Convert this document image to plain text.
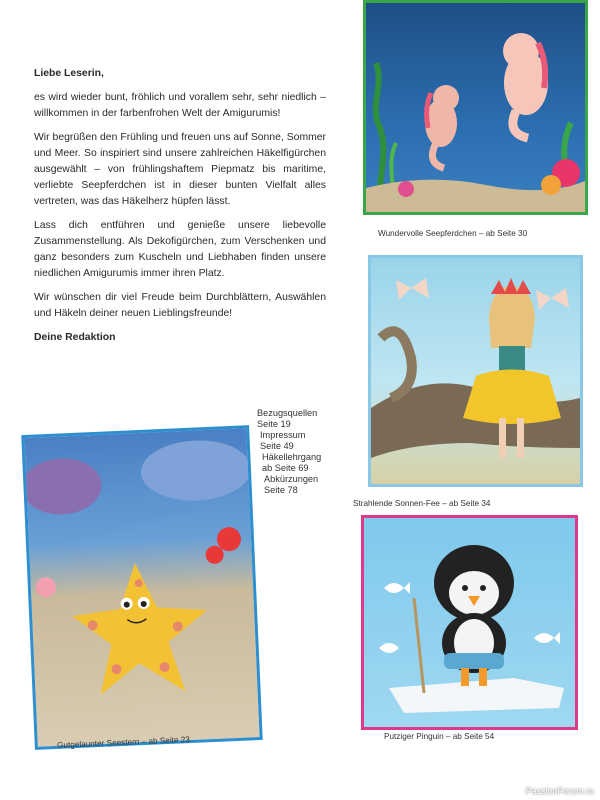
Liebe Leserin,

es wird wieder bunt, fröhlich und vorallem sehr, sehr niedlich – willkommen in der farbenfrohen Welt der Amigurumis!

Wir begrüßen den Frühling und freuen uns auf Sonne, Sommer und Meer. So inspiriert sind unsere zahlreichen Häkelfigürchen ausgewählt – von frühlingshaftem Piepmatz bis maritime, verliebte Seepferdchen ist in dieser bunten Vielfalt alles vertreten, was das Häkelherz hüpfen lässt.

Lass dich entführen und genieße unsere liebevolle Zusammenstellung. Als Dekofigürchen, zum Verschenken und ganz besonders zum Kuscheln und Liebhaben finden unsere niedlichen Amigurumis immer ihren Platz.

Wir wünschen dir viel Freude beim Durchblättern, Auswählen und Häkeln deiner neuen Lieblingsfreunde!

Deine Redaktion

Wundervolle Seepferdchen – ab Seite 30
Strahlende Sonnen-Fee – ab Seite 34
Bezugsquellen
Seite 19
Impressum
Seite 49
Häkellehrgang
ab Seite 69
Abkürzungen
Seite 78
Gutgelaunter Seestern – ab Seite 23	Putziger Pinguin – ab Seite 54
PassionForum.ru
